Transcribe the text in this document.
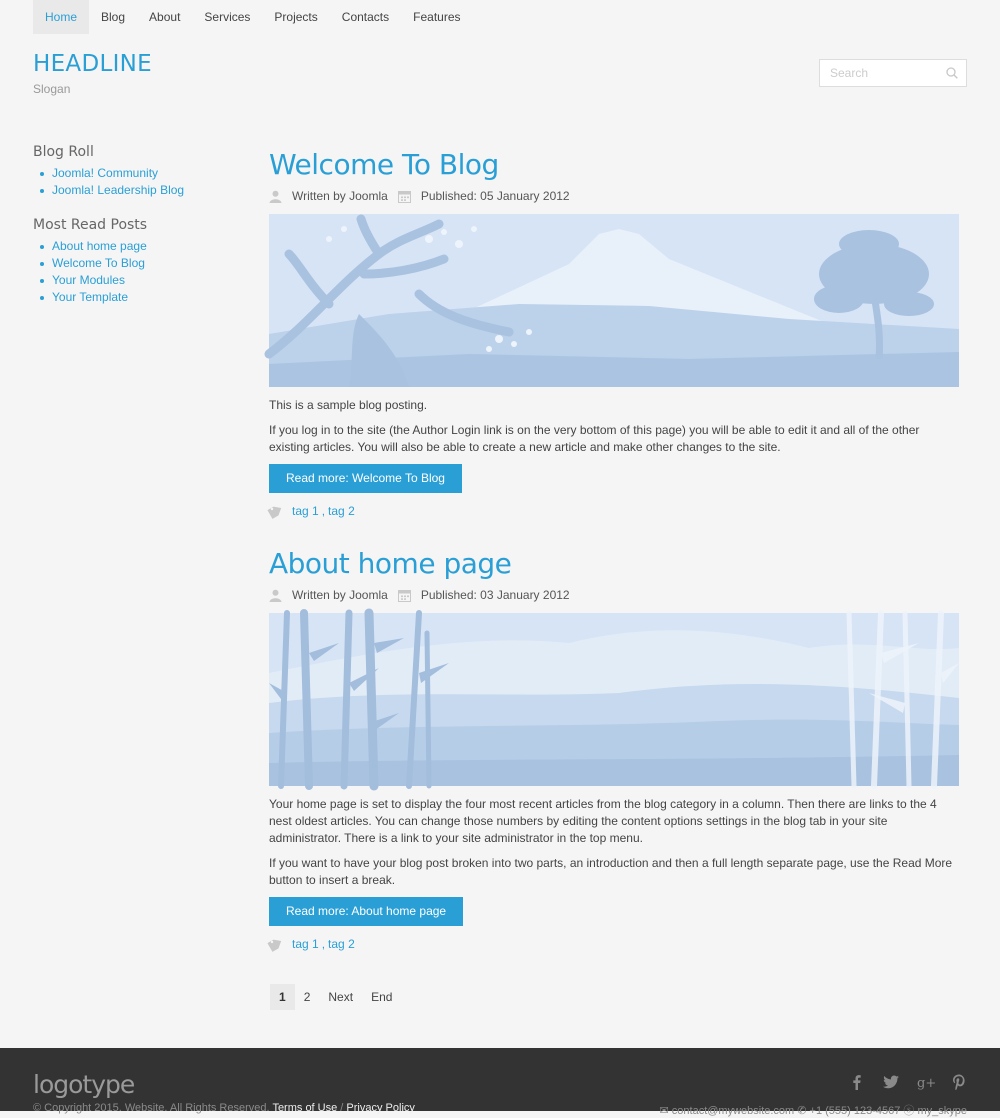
Home	Blog	About	Services	Projects	Contacts	Features
HEADLINE
Slogan
Search
Blog Roll
Joomla! Community
Joomla! Leadership Blog
Most Read Posts
About home page
Welcome To Blog
Your Modules
Your Template
Welcome To Blog
Written by Joomla	Published: 05 January 2012

This is a sample blog posting.

If you log in to the site (the Author Login link is on the very bottom of this page) you will be able to edit it and all of the other existing articles. You will also be able to create a new article and make other changes to the site.

Read more: Welcome To Blog
tag 1 , tag 2
About home page
Written by Joomla	Published: 03 January 2012

Your home page is set to display the four most recent articles from the blog category in a column. Then there are links to the 4 nest oldest articles. You can change those numbers by editing the content options settings in the blog tab in your site administrator. There is a link to your site administrator in the top menu.

If you want to have your blog post broken into two parts, an introduction and then a full length separate page, use the Read More button to insert a break.

Read more: About home page
tag 1 , tag 2
1	2	Next	End
logotype
© Copyright 2015. Website. All Rights Reserved. Terms of Use / Privacy Policy
g+
✉ contact@mywebsite.com ✆ +1 (555) 123-4567 ⓢ my_skype
